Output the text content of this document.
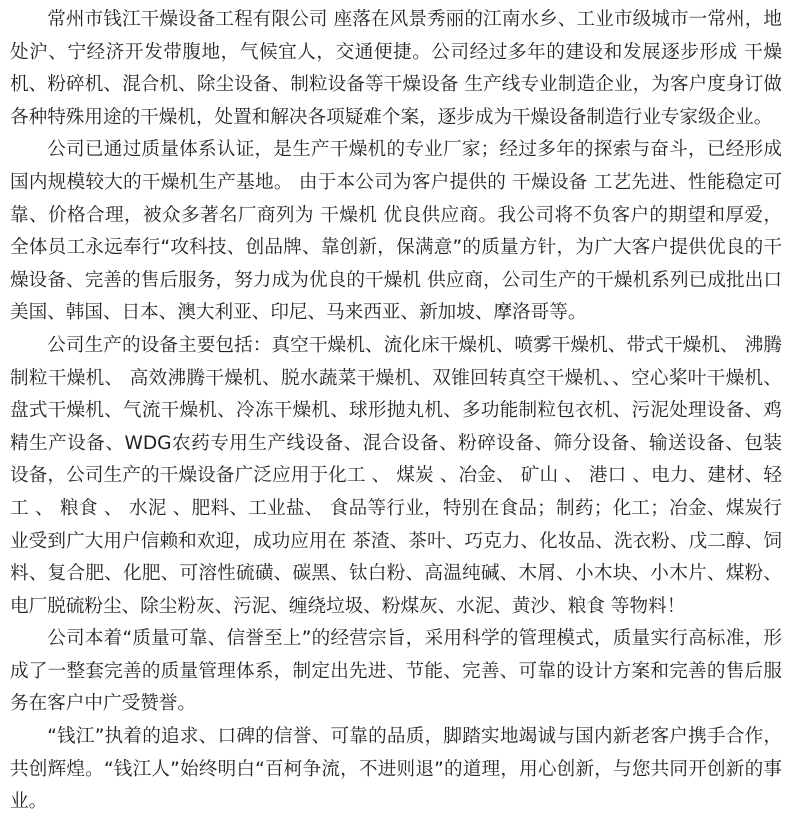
常州市钱江干燥设备工程有限公司 座落在风景秀丽的江南水乡、工业市级城市一常州，地处沪、宁经济开发带腹地，气候宜人，交通便捷。公司经过多年的建设和发展逐步形成 干燥机、粉碎机、混合机、除尘设备、制粒设备等干燥设备 生产线专业制造企业，为客户度身订做各种特殊用途的干燥机，处置和解决各项疑难个案，逐步成为干燥设备制造行业专家级企业。

公司已通过质量体系认证，是生产干燥机的专业厂家；经过多年的探索与奋斗，已经形成国内规模较大的干燥机生产基地。 由于本公司为客户提供的 干燥设备 工艺先进、性能稳定可靠、价格合理，被众多著名厂商列为 干燥机 优良供应商。我公司将不负客户的期望和厚爱，全体员工永远奉行“攻科技、创品牌、靠创新，保满意”的质量方针，为广大客户提供优良的干燥设备、完善的售后服务，努力成为优良的干燥机 供应商，公司生产的干燥机系列已成批出口美国、韩国、日本、澳大利亚、印尼、马来西亚、新加坡、摩洛哥等。

公司生产的设备主要包括：真空干燥机、流化床干燥机、喷雾干燥机、带式干燥机、 沸腾制粒干燥机、 高效沸腾干燥机、脱水蔬菜干燥机、双锥回转真空干燥机、、空心桨叶干燥机、盘式干燥机、气流干燥机、冷冻干燥机、球形抛丸机、多功能制粒包衣机、污泥处理设备、鸡精生产设备、WDG农药专用生产线设备、混合设备、粉碎设备、筛分设备、输送设备、包装设备，公司生产的干燥设备广泛应用于化工 、 煤炭 、冶金、 矿山 、 港口 、电力、建材、轻工 、 粮食 、 水泥 、肥料、工业盐、 食品等行业，特别在食品；制药；化工；冶金、煤炭行业受到广大用户信赖和欢迎，成功应用在 茶渣、茶叶、巧克力、化妆品、洗衣粉、戊二醇、饲料、复合肥、化肥、可溶性硫磺、碳黑、钛白粉、高温纯碱、木屑、小木块、小木片、煤粉、电厂脱硫粉尘、除尘粉灰、污泥、缠绕垃圾、粉煤灰、水泥、黄沙、粮食 等物料！

公司本着“质量可靠、信誉至上”的经营宗旨，采用科学的管理模式，质量实行高标准，形成了一整套完善的质量管理体系，制定出先进、节能、完善、可靠的设计方案和完善的售后服务在客户中广受赞誉。

“钱江”执着的追求、口碑的信誉、可靠的品质，脚踏实地竭诚与国内新老客户携手合作，共创辉煌。“钱江人”始终明白“百柯争流，不进则退”的道理，用心创新，与您共同开创新的事业。
